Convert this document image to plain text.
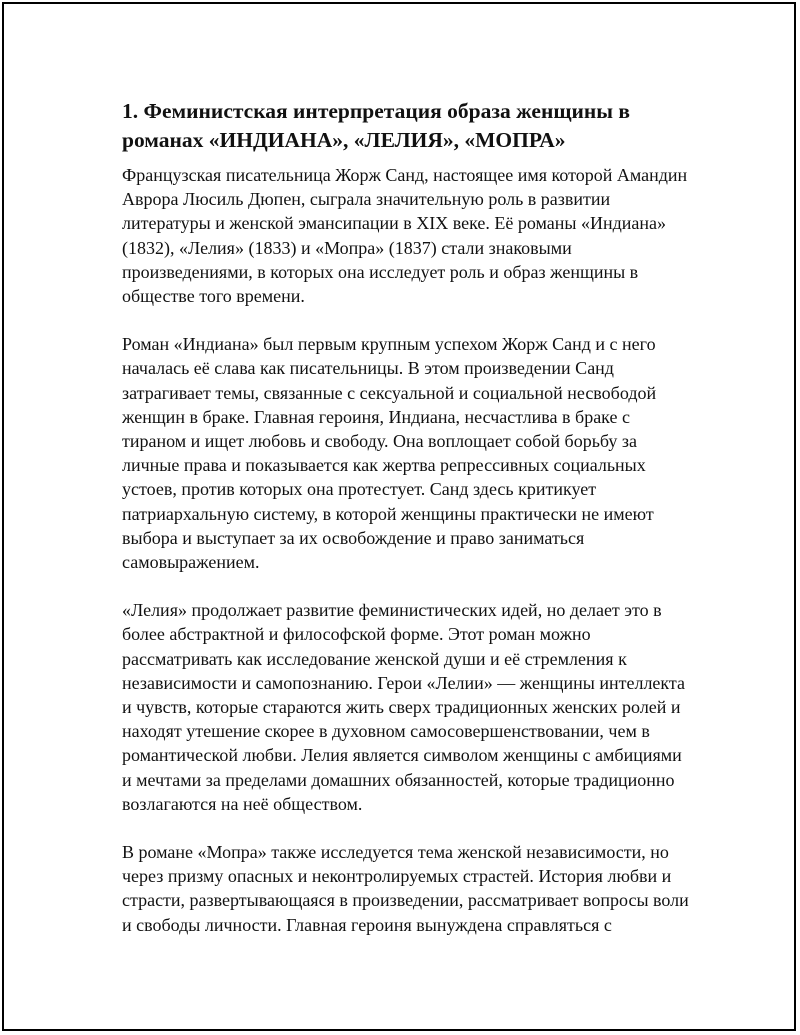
1. Феминистская интерпретация образа женщины в романах «ИНДИАНА», «ЛЕЛИЯ», «МОПРА»

Французская писательница Жорж Санд, настоящее имя которой Амандин Аврора Люсиль Дюпен, сыграла значительную роль в развитии литературы и женской эмансипации в XIX веке. Её романы «Индиана» (1832), «Лелия» (1833) и «Мопра» (1837) стали знаковыми произведениями, в которых она исследует роль и образ женщины в обществе того времени.

Роман «Индиана» был первым крупным успехом Жорж Санд и с него началась её слава как писательницы. В этом произведении Санд затрагивает темы, связанные с сексуальной и социальной несвободой женщин в браке. Главная героиня, Индиана, несчастлива в браке с тираном и ищет любовь и свободу. Она воплощает собой борьбу за личные права и показывается как жертва репрессивных социальных устоев, против которых она протестует. Санд здесь критикует патриархальную систему, в которой женщины практически не имеют выбора и выступает за их освобождение и право заниматься самовыражением.

«Лелия» продолжает развитие феминистических идей, но делает это в более абстрактной и философской форме. Этот роман можно рассматривать как исследование женской души и её стремления к независимости и самопознанию. Герои «Лелии» — женщины интеллекта и чувств, которые стараются жить сверх традиционных женских ролей и находят утешение скорее в духовном самосовершенствовании, чем в романтической любви. Лелия является символом женщины с амбициями и мечтами за пределами домашних обязанностей, которые традиционно возлагаются на неё обществом.

В романе «Мопра» также исследуется тема женской независимости, но через призму опасных и неконтролируемых страстей. История любви и страсти, развертывающаяся в произведении, рассматривает вопросы воли и свободы личности. Главная героиня вынуждена справляться с
